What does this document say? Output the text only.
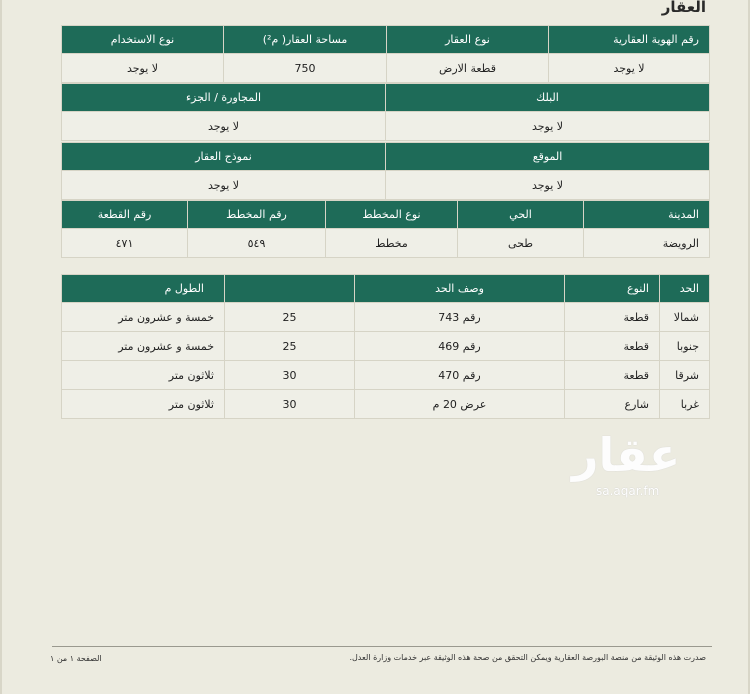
العقار
رقم الهوية العقارية	نوع العقار	مساحة العقار( م²)	نوع الاستخدام
لا يوجد	قطعة الارض	750	لا يوجد
البلك	المجاورة / الجزء
لا يوجد	لا يوجد
الموقع	نموذج العقار
لا يوجد	لا يوجد
المدينة	الحي	نوع المخطط	رقم المخطط	رقم القطعة
الرويضة	طحى	مخطط	٥٤٩	٤٧١
الحد	النوع	وصف الحد		الطول م
شمالا	قطعة	رقم 743	25	خمسة و عشرون متر
جنوبا	قطعة	رقم 469	25	خمسة و عشرون متر
شرقا	قطعة	رقم 470	30	ثلاثون متر
غربا	شارع	عرض 20 م	30	ثلاثون متر
عقار
sa.aqar.fm
صدرت هذه الوثيقة من منصة البورصة العقارية ويمكن التحقق من صحة هذه الوثيقة عبر خدمات وزارة العدل.
الصفحة ١ من ١
